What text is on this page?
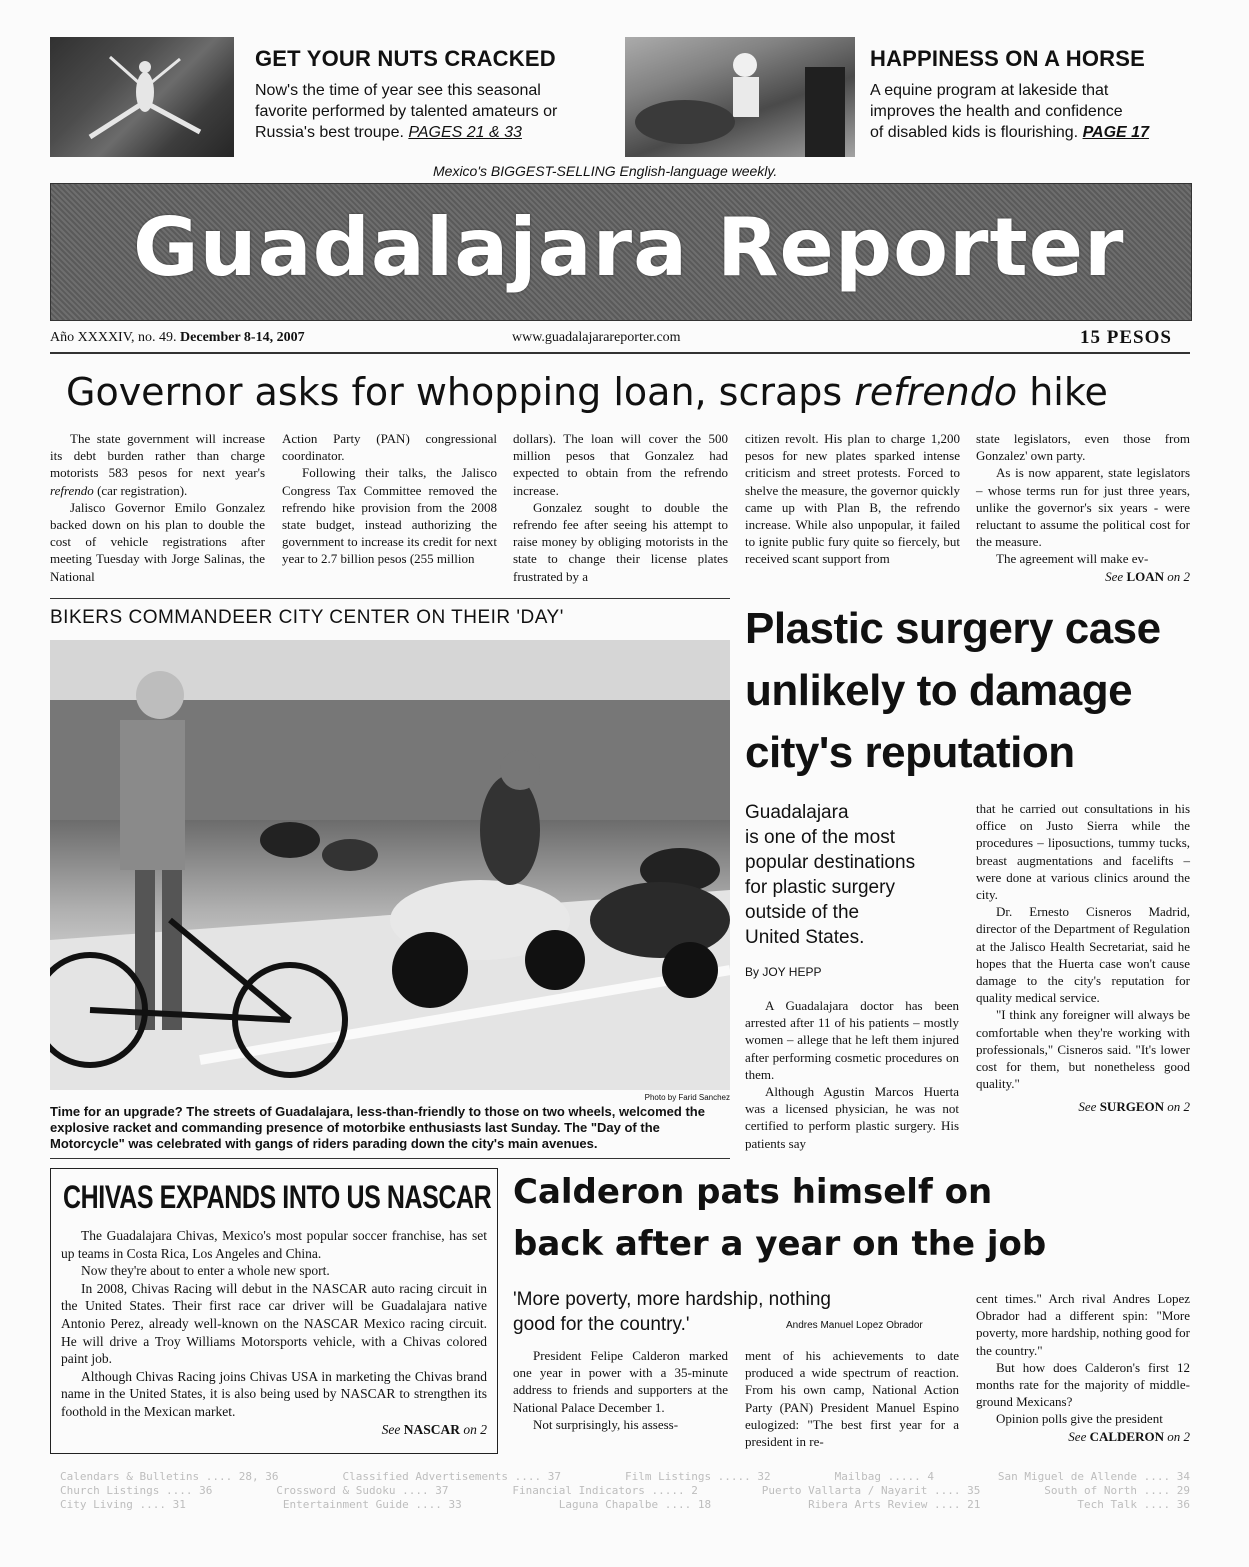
GET YOUR NUTS CRACKED
Now's the time of year see this seasonal
favorite performed by talented amateurs or
Russia's best troupe. PAGES 21 & 33
HAPPINESS ON A HORSE
A equine program at lakeside that
improves the health and confidence
of disabled kids is flourishing. PAGE 17
Mexico's BIGGEST-SELLING English-language weekly.
Guadalajara Reporter
Año XXXXIV, no. 49. December 8-14, 2007	www.guadalajarareporter.com	15 PESOS
Governor asks for whopping loan, scraps refrendo hike

The state government will increase its debt burden rather than charge motorists 583 pesos for next year's refrendo (car registration).

Jalisco Governor Emilo Gonzalez backed down on his plan to double the cost of vehicle registrations after meeting Tuesday with Jorge Salinas, the National

Action Party (PAN) congressional coordinator.

Following their talks, the Jalisco Congress Tax Committee removed the refrendo hike provision from the 2008 state budget, instead authorizing the government to increase its credit for next year to 2.7 billion pesos (255 million

dollars). The loan will cover the 500 million pesos that Gonzalez had expected to obtain from the refrendo increase.

Gonzalez sought to double the refrendo fee after seeing his attempt to raise money by obliging motorists in the state to change their license plates frustrated by a

citizen revolt. His plan to charge 1,200 pesos for new plates sparked intense criticism and street protests. Forced to shelve the measure, the governor quickly came up with Plan B, the refrendo increase. While also unpopular, it failed to ignite public fury quite so fiercely, but received scant support from

state legislators, even those from Gonzalez' own party.

As is now apparent, state legislators – whose terms run for just three years, unlike the governor's six years - were reluctant to assume the political cost for the measure.

The agreement will make ev-

See LOAN on 2

BIKERS COMMANDEER CITY CENTER ON THEIR 'DAY'
Photo by Farid Sanchez
Time for an upgrade? The streets of Guadalajara, less-than-friendly to those on two wheels, welcomed the explosive racket and commanding presence of motorbike enthusiasts last Sunday. The "Day of the Motorcycle" was celebrated with gangs of riders parading down the city's main avenues.
Plastic surgery case
unlikely to damage
city's reputation
Guadalajara
is one of the most
popular destinations
for plastic surgery
outside of the
United States.
By JOY HEPP

A Guadalajara doctor has been arrested after 11 of his patients – mostly women – allege that he left them injured after performing cosmetic procedures on them.

Although Agustin Marcos Huerta was a licensed physician, he was not certified to perform plastic surgery. His patients say

that he carried out consultations in his office on Justo Sierra while the procedures – liposuctions, tummy tucks, breast augmentations and facelifts – were done at various clinics around the city.

Dr. Ernesto Cisneros Madrid, director of the Department of Regulation at the Jalisco Health Secretariat, said he hopes that the Huerta case won't cause damage to the city's reputation for quality medical service.

"I think any foreigner will always be comfortable when they're working with professionals," Cisneros said. "It's lower cost for them, but nonetheless good quality."

See SURGEON on 2

CHIVAS EXPANDS INTO US NASCAR

The Guadalajara Chivas, Mexico's most popular soccer franchise, has set up teams in Costa Rica, Los Angeles and China.

Now they're about to enter a whole new sport.

In 2008, Chivas Racing will debut in the NASCAR auto racing circuit in the United States. Their first race car driver will be Guadalajara native Antonio Perez, already well-known on the NASCAR Mexico racing circuit. He will drive a Troy Williams Motorsports vehicle, with a Chivas colored paint job.

Although Chivas Racing joins Chivas USA in marketing the Chivas brand name in the United States, it is also being used by NASCAR to strengthen its foothold in the Mexican market.

See NASCAR on 2

Calderon pats himself on
back after a year on the job
'More poverty, more hardship, nothing
good for the country.'	Andres Manuel Lopez Obrador

President Felipe Calderon marked one year in power with a 35-minute address to friends and supporters at the National Palace December 1.

Not surprisingly, his assess-

ment of his achievements to date produced a wide spectrum of reaction. From his own camp, National Action Party (PAN) President Manuel Espino eulogized: "The best first year for a president in re-

cent times." Arch rival Andres Lopez Obrador had a different spin: "More poverty, more hardship, nothing good for the country."

But how does Calderon's first 12 months rate for the majority of middle-ground Mexicans?

Opinion polls give the president

See CALDERON on 2

Calendars & Bulletins .... 28, 36	Classified Advertisements .... 37	Film Listings ..... 32	Mailbag ..... 4	San Miguel de Allende .... 34
Church Listings .... 36	Crossword & Sudoku .... 37	Financial Indicators ..... 2	Puerto Vallarta / Nayarit .... 35	South of North .... 29
City Living .... 31	Entertainment Guide .... 33	Laguna Chapalbe .... 18	Ribera Arts Review .... 21	Tech Talk .... 36
